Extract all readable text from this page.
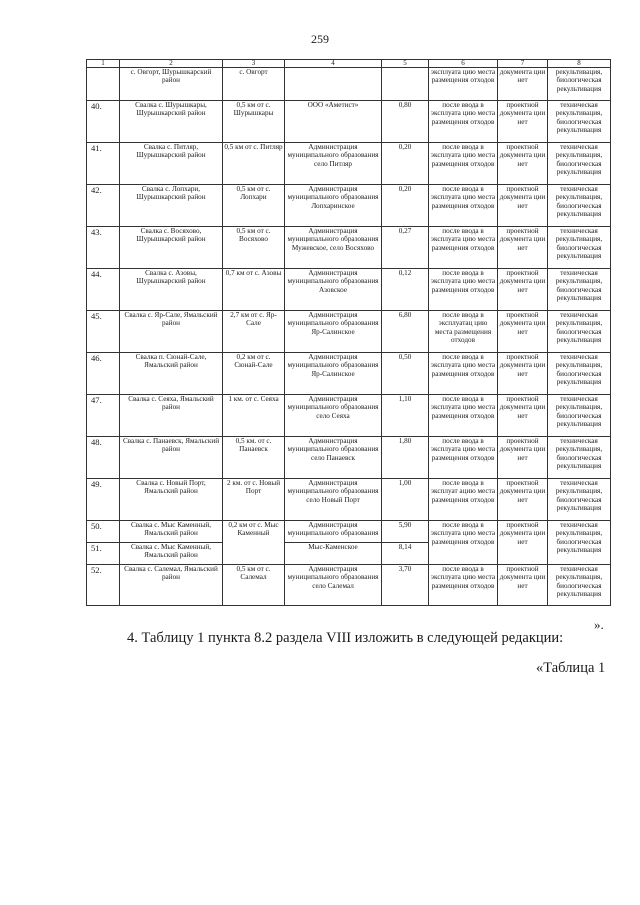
259
1	2	3	4	5	6	7	8
	с. Овгорт, Шурышкарский район	с. Овгорт			эксплуата цию места размещения отходов	документа ции нет	рекультивация, биологическая рекультивация
40.	Свалка с. Шурышкары, Шурышкарский район	0,5 км от с. Шурышкары	ООО «Аметист»	0,80	после ввода в эксплуата цию места размещения отходов	проектной документа ции нет	техническая рекультивация, биологическая рекультивация
41.	Свалка с. Питляр, Шурышкарский район	0,5 км от с. Питляр	Администрация муниципального образования село Питляр	0,20	после ввода в эксплуата цию места размещения отходов	проектной документа ции нет	техническая рекультивация, биологическая рекультивация
42.	Свалка с. Лопхари, Шурышкарский район	0,5 км от с. Лопхари	Администрация муниципального образования Лопхаринское	0,20	после ввода в эксплуата цию места размещения отходов	проектной документа ции нет	техническая рекультивация, биологическая рекультивация
43.	Свалка с. Восяхово, Шурышкарский район	0,5 км от с. Восяхово	Администрация муниципального образования Мужевское, село Восяхово	0,27	после ввода в эксплуата цию места размещения отходов	проектной документа ции нет	техническая рекультивация, биологическая рекультивация
44.	Свалка с. Азовы, Шурышкарский район	0,7 км от с. Азовы	Администрация муниципального образования Азовское	0,12	после ввода в эксплуата цию места размещения отходов	проектной документа ции нет	техническая рекультивация, биологическая рекультивация
45.	Свалка с. Яр-Сале, Ямальский район	2,7 км от с. Яр-Сале	Администрация муниципального образования Яр-Салинское	6,80	после ввода в эксплуатац цию места размещения отходов	проектной документа ции нет	техническая рекультивация, биологическая рекультивация
46.	Свалка п. Сюнай-Сале, Ямальский район	0,2 км от с. Сюнай-Сале	Администрация муниципального образования Яр-Салинское	0,50	после ввода в эксплуата цию места размещения отходов	проектной документа ции нет	техническая рекультивация, биологическая рекультивация
47.	Свалка с. Сеяха, Ямальский район	1 км. от с. Сеяха	Администрация муниципального образования село Сеяха	1,10	после ввода в эксплуата цию места размещения отходов	проектной документа ции нет	техническая рекультивация, биологическая рекультивация
48.	Свалка с. Панаевск, Ямальский район	0,5 км. от с. Панаевск	Администрация муниципального образования село Панаевск	1,80	после ввода в эксплуата цию места размещения отходов	проектной документа ции нет	техническая рекультивация, биологическая рекультивация
49.	Свалка с. Новый Порт, Ямальский район	2 км. от с. Новый Порт	Администрация муниципального образования село Новый Порт	1,00	после ввода в эксплуат ацию места размещения отходов	проектной документа ции нет	техническая рекультивация, биологическая рекультивация
50.	Свалка с. Мыс Каменный, Ямальский район	0,2 км от с. Мыс Каменный	Администрация муниципального образования	5,90	после ввода в эксплуата цию места размещения отходов	проектной документа ции нет	техническая рекультивация, биологическая рекультивация
51.	Свалка с. Мыс Каменный, Ямальский район		Мыс-Каменское	8,14			
52.	Свалка с. Салемал, Ямальский район	0,5 км от с. Салемал	Администрация муниципального образования село Салемал	3,70	после ввода в эксплуата цию места размещения отходов	проектной документа ции нет	техническая рекультивация, биологическая рекультивация
».
4. Таблицу 1 пункта 8.2 раздела VIII изложить в следующей редакции:
«Таблица 1
